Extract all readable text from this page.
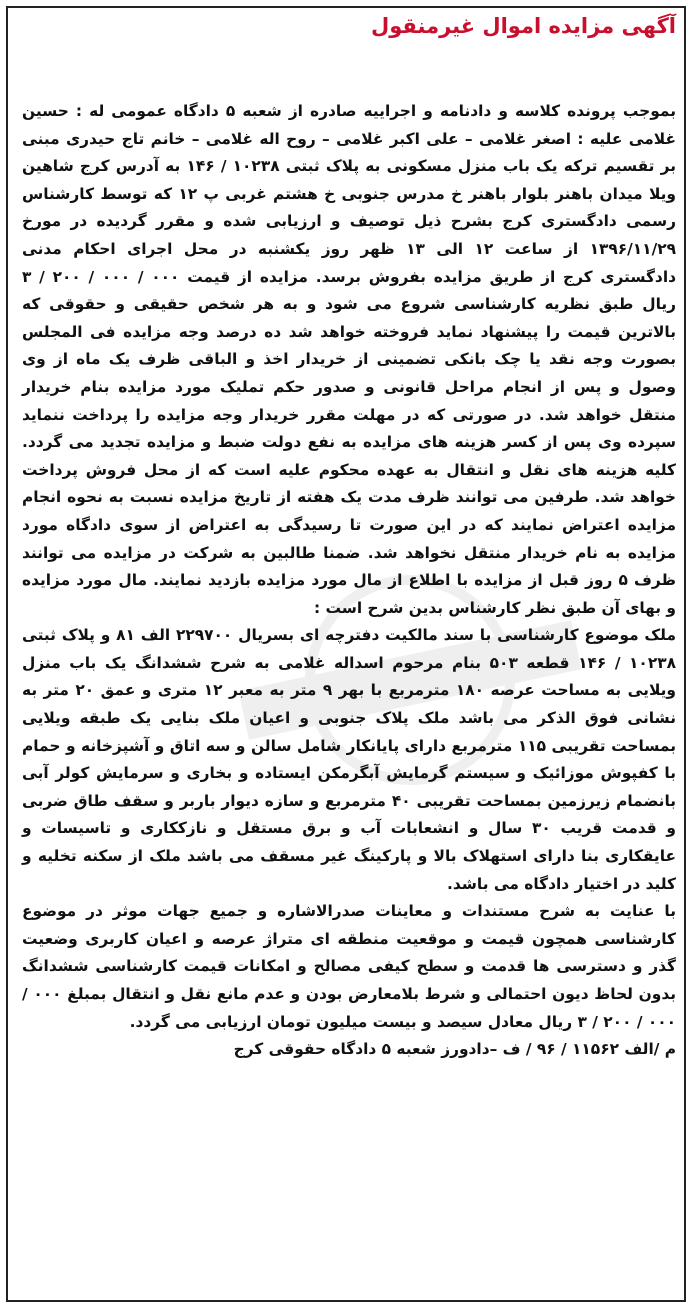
آگهی مزایده اموال غیرمنقول

بموجب پرونده کلاسه و دادنامه و اجراییه صادره از شعبه ۵ دادگاه عمومی له : حسین غلامی علیه : اصغر غلامی – علی اکبر غلامی – روح اله غلامی – خانم تاج حیدری مبنی بر تقسیم ترکه یک باب منزل مسکونی به پلاک ثبتی ۱۰۲۳۸ / ۱۴۶ به آدرس کرج شاهین ویلا میدان باهنر بلوار باهنر خ مدرس جنوبی خ هشتم غربی پ ۱۲ که توسط کارشناس رسمی دادگستری کرج بشرح ذیل توصیف و ارزیابی شده و مقرر گردیده در مورخ ۱۳۹۶/۱۱/۲۹ از ساعت ۱۲ الی ۱۳ ظهر روز یکشنبه در محل اجرای احکام مدنی دادگستری کرج از طریق مزایده بفروش برسد. مزایده از قیمت ۰۰۰ / ۰۰۰ / ۲۰۰ / ۳ ریال طبق نظریه کارشناسی شروع می شود و به هر شخص حقیقی و حقوقی که بالاترین قیمت را پیشنهاد نماید فروخته خواهد شد ده درصد وجه مزایده فی المجلس بصورت وجه نقد یا چک بانکی تضمینی از خریدار اخذ و الباقی ظرف یک ماه از وی وصول و پس از انجام مراحل قانونی و صدور حکم تملیک مورد مزایده بنام خریدار منتقل خواهد شد. در صورتی که در مهلت مقرر خریدار وجه مزایده را پرداخت ننماید سپرده وی پس از کسر هزینه های مزایده به نفع دولت ضبط و مزایده تجدید می گردد. کلیه هزینه های نقل و انتقال به عهده محکوم علیه است که از محل فروش پرداخت خواهد شد. طرفین می توانند ظرف مدت یک هفته از تاریخ مزایده نسبت به نحوه انجام مزایده اعتراض نمایند که در این صورت تا رسیدگی به اعتراض از سوی دادگاه مورد مزایده به نام خریدار منتقل نخواهد شد. ضمنا طالبین به شرکت در مزایده می توانند ظرف ۵ روز قبل از مزایده با اطلاع از مال مورد مزایده بازدید نمایند. مال مورد مزایده و بهای آن طبق نظر کارشناس بدین شرح است :

ملک موضوع کارشناسی با سند مالکیت دفترچه ای بسریال ۲۲۹۷۰۰ الف ۸۱ و پلاک ثبتی ۱۰۲۳۸ / ۱۴۶ قطعه ۵۰۳ بنام مرحوم اسداله غلامی به شرح ششدانگ یک باب منزل ویلایی به مساحت عرصه ۱۸۰ مترمربع با بهر ۹ متر به معبر ۱۲ متری و عمق ۲۰ متر به نشانی فوق الذکر می باشد ملک پلاک جنوبی و اعیان ملک بنایی یک طبقه ویلایی بمساحت تقریبی ۱۱۵ مترمربع دارای پایانکار شامل سالن و سه اتاق و آشپزخانه و حمام با کفپوش موزائیک و سیستم گرمایش آبگرمکن ایستاده و بخاری و سرمایش کولر آبی بانضمام زیرزمین بمساحت تقریبی ۴۰ مترمربع و سازه دیوار باربر و سقف طاق ضربی و قدمت قریب ۳۰ سال و انشعابات آب و برق مستقل و نازککاری و تاسیسات و عایقکاری بنا دارای استهلاک بالا و پارکینگ غیر مسقف می باشد ملک از سکنه تخلیه و کلید در اختیار دادگاه می باشد.

با عنایت به شرح مستندات و معاینات صدرالاشاره و جمیع جهات موثر در موضوع کارشناسی همچون قیمت و موقعیت منطقه ای متراژ عرصه و اعیان کاربری وضعیت گذر و دسترسی ها قدمت و سطح کیفی مصالح و امکانات قیمت کارشناسی ششدانگ بدون لحاظ دیون احتمالی و شرط بلامعارض بودن و عدم مانع نقل و انتقال بمبلغ ۰۰۰ / ۰۰۰ / ۲۰۰ / ۳ ریال معادل سیصد و بیست میلیون تومان ارزیابی می گردد.

م /الف ۱۱۵۶۲ / ۹۶ / ف –دادورز شعبه ۵ دادگاه حقوقی کرج
